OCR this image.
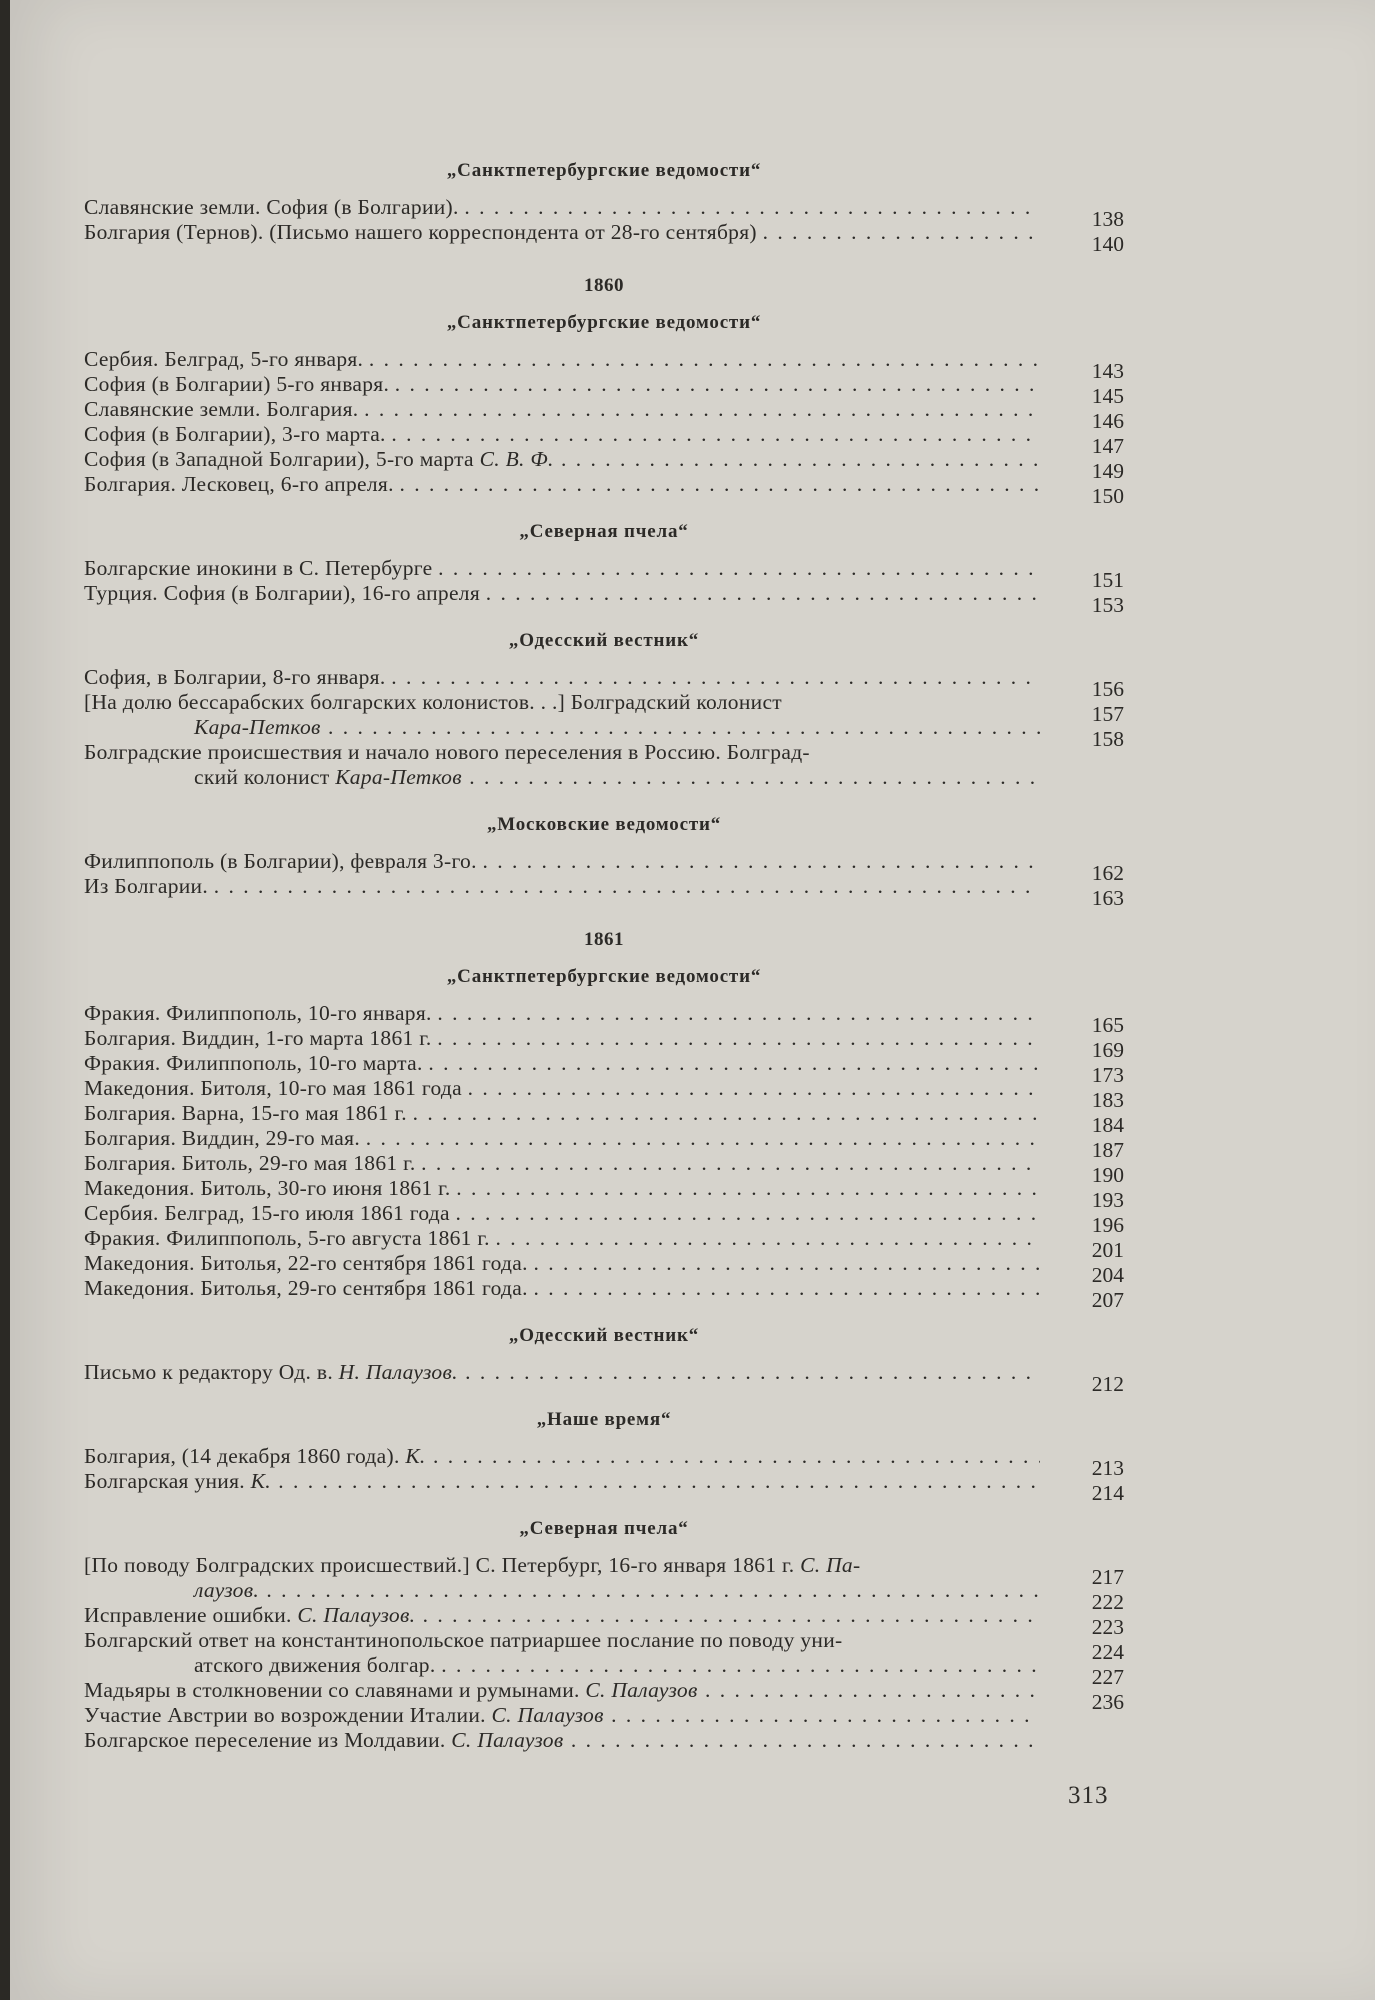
„Санктпетербургские ведомости“
Славянские земли. София (в Болгарии). . . .
Болгария (Тернов). (Письмо нашего корреспондента от 28-го сентября) . . .
138
140
1860
„Санктпетербургские ведомости“
Сербия. Белград, 5-го января. . . .
София (в Болгарии) 5-го января. . . .
Славянские земли. Болгария. . . .
София (в Болгарии), 3-го марта. . . .
София (в Западной Болгарии), 5-го марта С. В. Ф. . . .
Болгария. Лесковец, 6-го апреля. . . .
143
145
146
147
149
150
„Северная пчела“
Болгарские инокини в С. Петербурге . . .
Турция. София (в Болгарии), 16-го апреля . . .
151
153
„Одесский вестник“
София, в Болгарии, 8-го января. . . .
[На долю бессарабских болгарских колонистов. . .] Болградский колонист
Кара-Петков . . .
Болградские происшествия и начало нового переселения в Россию. Болград-
ский колонист Кара-Петков . . .
156
157
158
„Московские ведомости“
Филиппополь (в Болгарии), февраля 3-го. . . .
Из Болгарии. . . .
162
163
1861
„Санктпетербургские ведомости“
Фракия. Филиппополь, 10-го января. . . .
Болгария. Виддин, 1-го марта 1861 г. . . .
Фракия. Филиппополь, 10-го марта. . . .
Македония. Битоля, 10-го мая 1861 года . . .
Болгария. Варна, 15-го мая 1861 г. . . .
Болгария. Виддин, 29-го мая. . . .
Болгария. Битоль, 29-го мая 1861 г. . . .
Македония. Битоль, 30-го июня 1861 г. . . .
Сербия. Белград, 15-го июля 1861 года . . .
Фракия. Филиппополь, 5-го августа 1861 г. . . .
Македония. Битолья, 22-го сентября 1861 года. . . .
Македония. Битолья, 29-го сентября 1861 года. . . .
165
169
173
183
184
187
190
193
196
201
204
207
„Одесский вестник“
Письмо к редактору Од. в. Н. Палаузов. . . .	212
„Наше время“
Болгария, (14 декабря 1860 года). К. . . .
Болгарская уния. К. . . .
213
214
„Северная пчела“
[По поводу Болградских происшествий.] С. Петербург, 16-го января 1861 г. С. Па-
лаузов. . . .
Исправление ошибки. С. Палаузов. . . .
Болгарский ответ на константинопольское патриаршее послание по поводу уни-
атского движения болгар. . . .
Мадьяры в столкновении со славянами и румынами. С. Палаузов . . .
Участие Австрии во возрождении Италии. С. Палаузов . . .
Болгарское переселение из Молдавии. С. Палаузов . . .
217
222
223
224
227
236
313
